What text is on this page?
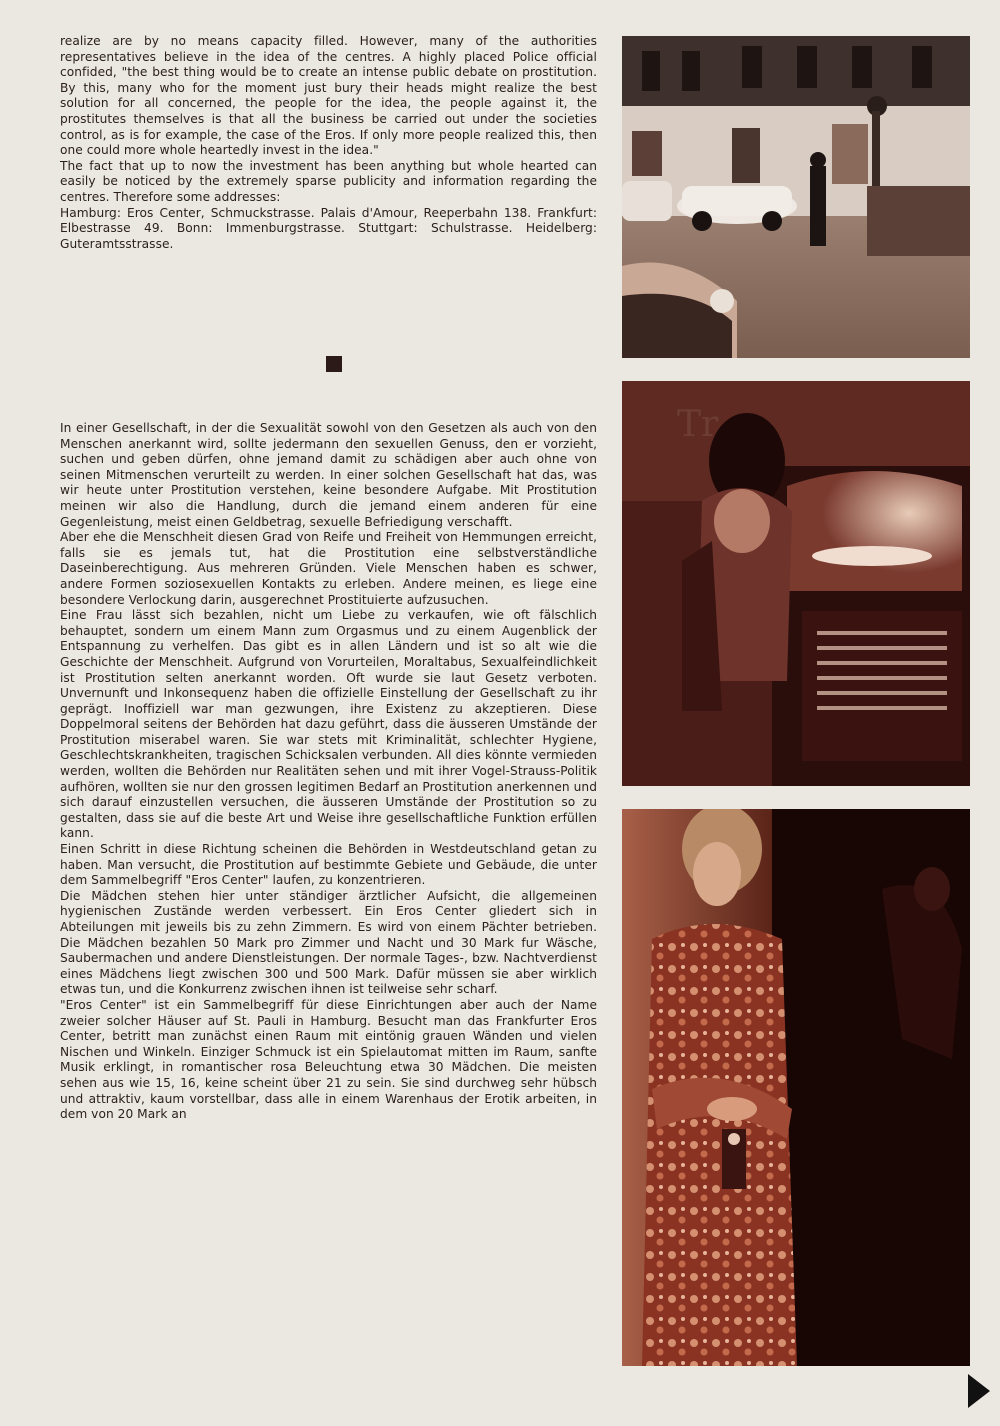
realize are by no means capacity filled. However, many of the authorities representatives believe in the idea of the centres. A highly placed Police official confided, "the best thing would be to create an intense public debate on prostitution. By this, many who for the moment just bury their heads might realize the best solution for all concerned, the people for the idea, the people against it, the prostitutes themselves is that all the business be carried out under the societies control, as is for example, the case of the Eros. If only more people realized this, then one could more whole heartedly invest in the idea."

The fact that up to now the investment has been anything but whole hearted can easily be noticed by the extremely sparse publicity and information regarding the centres. Therefore some addresses:

Hamburg: Eros Center, Schmuckstrasse. Palais d'Amour, Reeperbahn 138. Frankfurt: Elbestrasse 49. Bonn: Immenburgstrasse. Stuttgart: Schulstrasse. Heidelberg: Guteramtsstrasse.

In einer Gesellschaft, in der die Sexualität sowohl von den Gesetzen als auch von den Menschen anerkannt wird, sollte jedermann den sexuellen Genuss, den er vorzieht, suchen und geben dürfen, ohne jemand damit zu schädigen aber auch ohne von seinen Mitmenschen verurteilt zu werden. In einer solchen Gesellschaft hat das, was wir heute unter Prostitution verstehen, keine besondere Aufgabe. Mit Prostitution meinen wir also die Handlung, durch die jemand einem anderen für eine Gegenleistung, meist einen Geldbetrag, sexuelle Befriedigung verschafft.

Aber ehe die Menschheit diesen Grad von Reife und Freiheit von Hemmungen erreicht, falls sie es jemals tut, hat die Prostitution eine selbstverständliche Daseinberechtigung. Aus mehreren Gründen. Viele Menschen haben es schwer, andere Formen soziosexuellen Kontakts zu erleben. Andere meinen, es liege eine besondere Verlockung darin, ausgerechnet Prostituierte aufzusuchen.

Eine Frau lässt sich bezahlen, nicht um Liebe zu verkaufen, wie oft fälschlich behauptet, sondern um einem Mann zum Orgasmus und zu einem Augenblick der Entspannung zu verhelfen. Das gibt es in allen Ländern und ist so alt wie die Geschichte der Menschheit. Aufgrund von Vorurteilen, Moraltabus, Sexualfeindlichkeit ist Prostitution selten anerkannt worden. Oft wurde sie laut Gesetz verboten. Unvernunft und Inkonsequenz haben die offizielle Einstellung der Gesellschaft zu ihr geprägt. Inoffiziell war man gezwungen, ihre Existenz zu akzeptieren. Diese Doppelmoral seitens der Behörden hat dazu geführt, dass die äusseren Umstände der Prostitution miserabel waren. Sie war stets mit Kriminalität, schlechter Hygiene, Geschlechtskrankheiten, tragischen Schicksalen verbunden. All dies könnte vermieden werden, wollten die Behörden nur Realitäten sehen und mit ihrer Vogel-Strauss-Politik aufhören, wollten sie nur den grossen legitimen Bedarf an Prostitution anerkennen und sich darauf einzustellen versuchen, die äusseren Umstände der Prostitution so zu gestalten, dass sie auf die beste Art und Weise ihre gesellschaftliche Funktion erfüllen kann.

Einen Schritt in diese Richtung scheinen die Behörden in Westdeutschland getan zu haben. Man versucht, die Prostitution auf bestimmte Gebiete und Gebäude, die unter dem Sammelbegriff "Eros Center" laufen, zu konzentrieren.

Die Mädchen stehen hier unter ständiger ärztlicher Aufsicht, die allgemeinen hygienischen Zustände werden verbessert. Ein Eros Center gliedert sich in Abteilungen mit jeweils bis zu zehn Zimmern. Es wird von einem Pächter betrieben. Die Mädchen bezahlen 50 Mark pro Zimmer und Nacht und 30 Mark fur Wäsche, Saubermachen und andere Dienstleistungen. Der normale Tages-, bzw. Nachtverdienst eines Mädchens liegt zwischen 300 und 500 Mark. Dafür müssen sie aber wirklich etwas tun, und die Konkurrenz zwischen ihnen ist teilweise sehr scharf.

"Eros Center" ist ein Sammelbegriff für diese Einrichtungen aber auch der Name zweier solcher Häuser auf St. Pauli in Hamburg. Besucht man das Frankfurter Eros Center, betritt man zunächst einen Raum mit eintönig grauen Wänden und vielen Nischen und Winkeln. Einziger Schmuck ist ein Spielautomat mitten im Raum, sanfte Musik erklingt, in romantischer rosa Beleuchtung etwa 30 Mädchen. Die meisten sehen aus wie 15, 16, keine scheint über 21 zu sein. Sie sind durchweg sehr hübsch und attraktiv, kaum vorstellbar, dass alle in einem Warenhaus der Erotik arbeiten, in dem von 20 Mark an

Tr
